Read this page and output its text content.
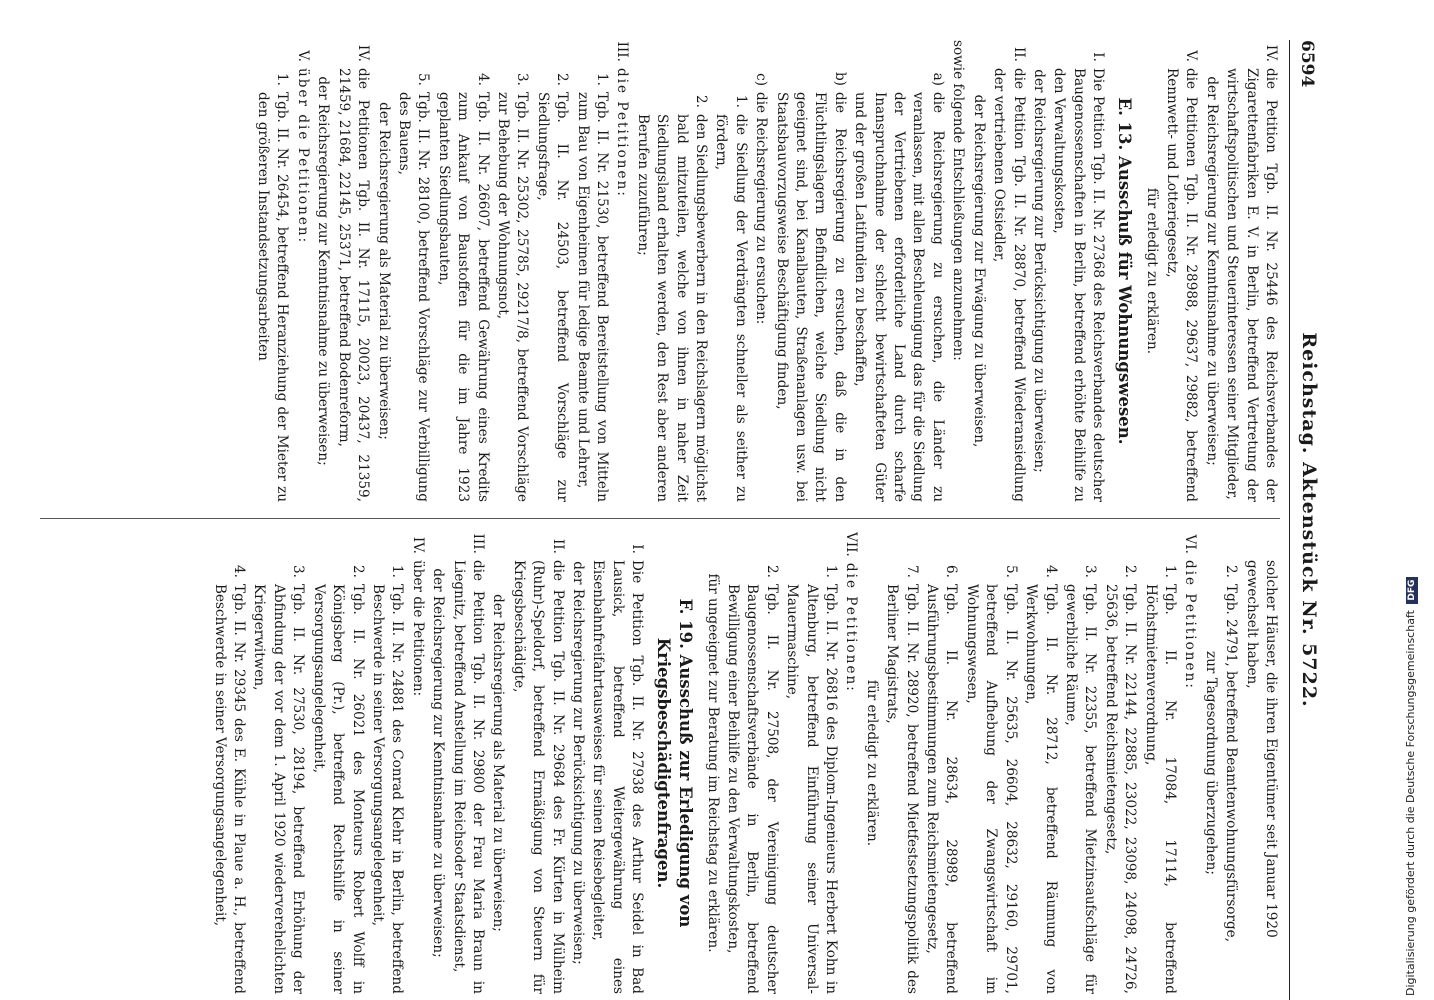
6594
Reichstag. Aktenstück Nr. 5722.
IV.
die Petition Tgb. II. Nr. 25446 des Reichsverbandes der Zigarettenfabriken E. V. in Berlin, betreffend Vertretung der wirtschaftspolitischen und Steuerinteressen seiner Mitglieder,
der Reichsregierung zur Kenntnisnahme zu überweisen;
V.
die Petitionen Tgb. II. Nr. 28988, 29637, 29882, betreffend Rennwett- und Lotteriegesetz,
für erledigt zu erklären.
E. 13. Ausschuß für Wohnungswesen.
I.
Die Petition Tgb. II. Nr. 27368 des Reichsverbandes deutscher Baugenossenschaften in Berlin, betreffend erhöhte Beihilfe zu den Verwaltungskosten,
der Reichsregierung zur Berücksichtigung zu überweisen;
II.
die Petition Tgb. II. Nr. 28870, betreffend Wiederansiedlung der vertriebenen Ostsiedler,
der Reichsregierung zur Erwägung zu überweisen,
sowie folgende Entschließungen anzunehmen:
a)
die Reichsregierung zu ersuchen, die Länder zu veranlassen, mit allen Beschleunigung das für die Siedlung der Vertriebenen erforderliche Land durch scharfe Inanspruchnahme der schlecht bewirtschafteten Güter und der großen Latifundien zu beschaffen,
b)
die Reichsregierung zu ersuchen, daß die in den Flüchtlingslagern Befindlichen, welche Siedlung nicht geeignet sind, bei Kanalbauten, Straßenanlagen usw. bei Staatsbauvorzugsweise Beschäftigung finden,
c)
die Reichsregierung zu ersuchen:
1.
die Siedlung der Verdrängten schneller als seither zu fördern,
2.
den Siedlungsbewerbern in den Reichslagern möglichst bald mitzuteilen, welche von ihnen in naher Zeit Siedlungsland erhalten werden, den Rest aber anderen Berufen zuzuführen;
III.
die Petitionen:
1.
Tgb. II. Nr. 21530, betreffend Bereitstellung von Mitteln zum Bau von Eigenheimen für ledige Beamte und Lehrer,
2.
Tgb. II. Nr. 24503, betreffend Vorschläge zur Siedlungsfrage,
3.
Tgb. II. Nr. 25302, 25785, 29217/8, betreffend Vorschläge zur Behebung der Wohnungsnot,
4.
Tgb. II. Nr. 26607, betreffend Gewährung eines Kredits zum Ankauf von Baustoffen für die im Jahre 1923 geplanten Siedlungsbauten,
5.
Tgb. II. Nr. 28100, betreffend Vorschläge zur Verbilligung des Bauens,
der Reichsregierung als Material zu überweisen;
IV.
die Petitionen Tgb. II. Nr. 17115, 20023, 20437, 21359, 21459, 21684, 22145, 25371, betreffend Bodenreform,
der Reichsregierung zur Kenntnisnahme zu überweisen;
V.
über die Petitionen:
1.
Tgb. II. Nr. 26454, betreffend Heranziehung der Mieter zu den größeren Instandsetzungsarbeiten
solcher Häuser, die ihren Eigentümer seit Januar 1920 gewechselt haben,
2.
Tgb. 24791, betreffend Beamtenwohnungsfürsorge,
zur Tagesordnung überzugehen;
VI.
die Petitionen:
1.
Tgb. II. Nr. 17084, 17114, betreffend Höchstmietenverordnung,
2.
Tgb. II. Nr. 22144, 22885, 23022, 23098, 24098, 24726, 25636, betreffend Reichsmietengesetz,
3.
Tgb. II. Nr. 22355, betreffend Mietzinsaufschläge für gewerbliche Räume,
4.
Tgb. II. Nr. 28712, betreffend Räumung von Werkwohnungen,
5.
Tgb. II. Nr. 25635, 26604, 28632, 29160, 29701, betreffend Aufhebung der Zwangswirtschaft im Wohnungswesen,
6.
Tgb. II. Nr. 28634, 28989, betreffend Ausführungsbestimmungen zum Reichsmietengesetz,
7.
Tgb. II. Nr. 28920, betreffend Mietfestsetzungspolitik des Berliner Magistrats,
für erledigt zu erklären.
VII.
die Petitionen:
1.
Tgb. II. Nr. 26816 des Diplom-Ingenieurs Herbert Kohn in Altenburg, betreffend Einführung seiner Universal-Mauermaschine,
2.
Tgb. II. Nr. 27508, der Vereinigung deutscher Baugenossenschaftsverbände in Berlin, betreffend Bewilligung einer Beihilfe zu den Verwaltungskosten,
für ungeeignet zur Beratung im Reichstag zu erklären.
F. 19. Ausschuß zur Erledigung von Kriegsbeschädigtenfragen.
I.
Die Petition Tgb. II. Nr. 27938 des Arthur Seidel in Bad Lausick, betreffend Weitergewährung eines Eisenbahnfreifahrtausweises für seinen Reisebegleiter,
der Reichsregierung zur Berücksichtigung zu überweisen;
II.
die Petition Tgb. II. Nr. 29684 des Fr. Kürten in Mülheim (Ruhr)-Speldorf, betreffend Ermäßigung von Steuern für Kriegsbeschädigte,
der Reichsregierung als Material zu überweisen;
III.
die Petition Tgb. II. Nr. 29800 der Frau Maria Braun in Liegnitz, betreffend Anstellung im Reichsoder Staatsdienst,
der Reichsregierung zur Kenntnisnahme zu überweisen;
IV.
über die Petitionen:
1.
Tgb. II. Nr. 24881 des Conrad Klehr in Berlin, betreffend Beschwerde in seiner Versorgungsangelegenheit,
2.
Tgb. II. Nr. 26021 des Monteurs Robert Wolff in Königsberg (Pr.), betreffend Rechtshilfe in seiner Versorgungsangelegenheit,
3.
Tgb. II. Nr. 27530, 28194, betreffend Erhöhung der Abfindung der vor dem 1. April 1920 wiederverehelichten Kriegerwitwen,
4.
Tgb. II. Nr. 29345 des E. Kühle in Plaue a. H., betreffend Beschwerde in seiner Versorgungsangelegenheit,	Digitalisierung gefördert durch die Deutsche Forschungsgemeinschaft DFG
